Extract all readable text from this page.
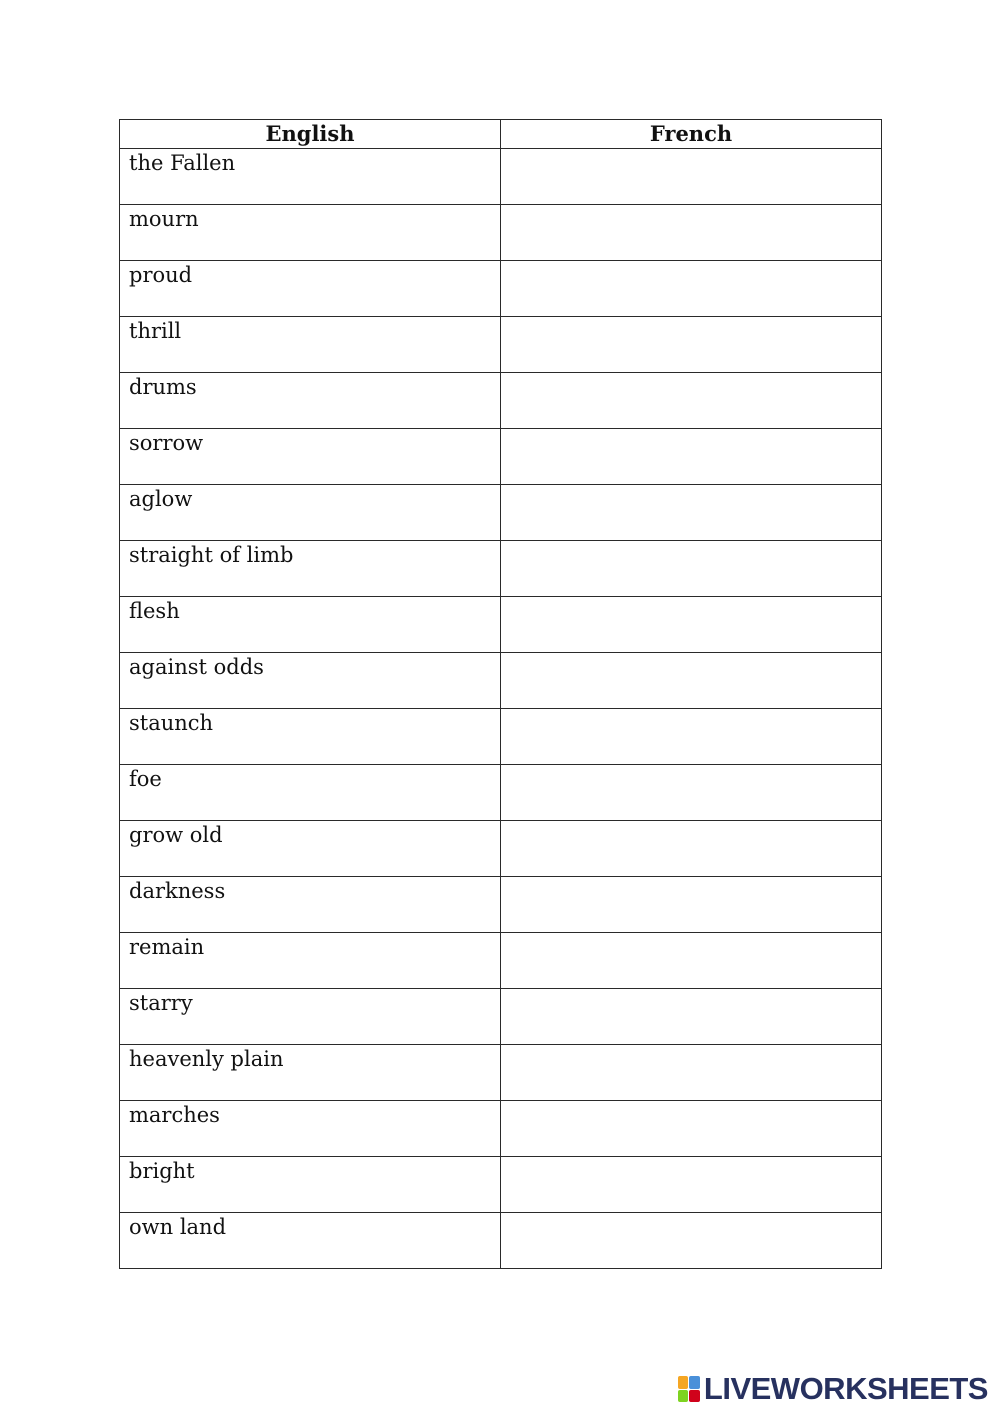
English	French
the Fallen	

mourn	

proud	

thrill	

drums	

sorrow	

aglow	

straight of limb	

flesh	

against odds	

staunch	

foe	

grow old	

darkness	

remain	

starry	

heavenly plain	

marches	

bright	

own land	
LIVEWORKSHEETS
